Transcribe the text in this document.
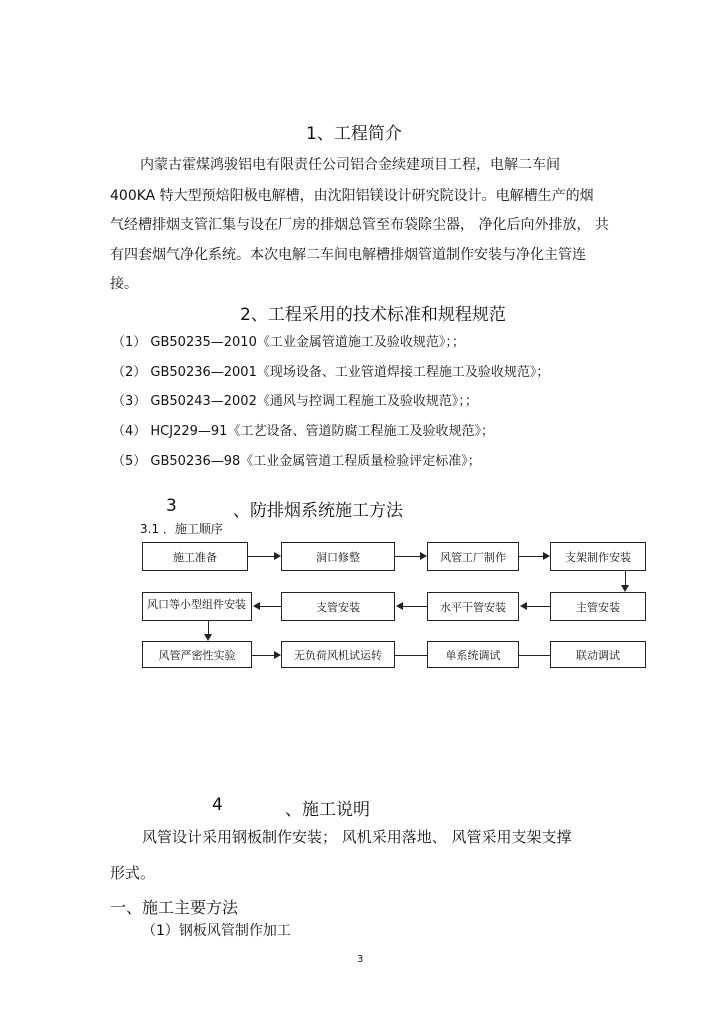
1、工程简介
内蒙古霍煤鸿骏铝电有限责任公司铝合金续建项目工程，电解二车间
400KA 特大型预焙阳极电解槽，由沈阳铝镁设计研究院设计。电解槽生产的烟
气经槽排烟支管汇集与设在厂房的排烟总管至布袋除尘器， 净化后向外排放， 共
有四套烟气净化系统。本次电解二车间电解槽排烟管道制作安装与净化主管连
接。
2、工程采用的技术标准和规程规范
（1） GB50235—2010《工业金属管道施工及验收规范》；；
（2） GB50236—2001《现场设备、工业管道焊接工程施工及验收规范》；
（3） GB50243—2002《通风与控调工程施工及验收规范》；；
（4） HCJ229—91《工艺设备、管道防腐工程施工及验收规范》；
（5） GB50236—98《工业金属管道工程质量检验评定标准》；
3	、防排烟系统施工方法
3.1 ．施工顺序
施工准备	洞口修整	风管工厂制作	支架制作安装
风口等小型组件安装	支管安装	水平干管安装	主管安装
风管严密性实验	无负荷风机试运转	单系统调试	联动调试
4	、施工说明
风管设计采用钢板制作安装； 风机采用落地、 风管采用支架支撑
形式。
一、施工主要方法
（1）钢板风管制作加工
3
